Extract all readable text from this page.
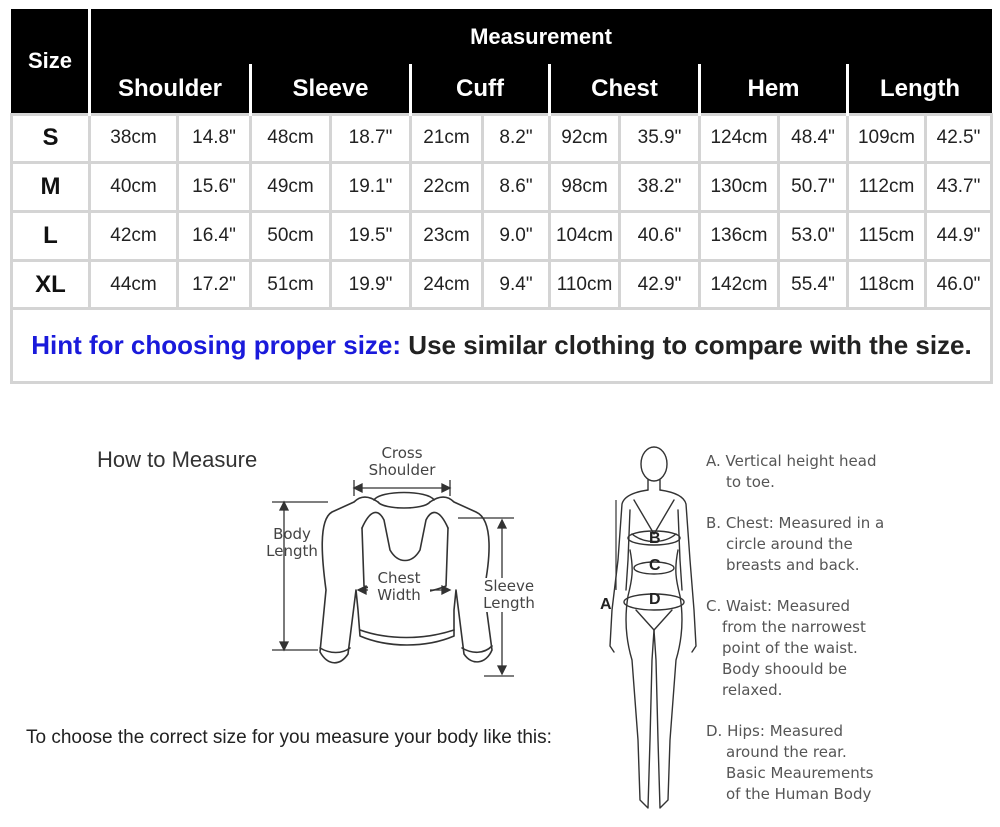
Size	Measurement											
	Shoulder		Sleeve		Cuff		Chest		Hem		Length	
S	38cm	14.8"	48cm	18.7"	21cm	8.2"	92cm	35.9"	124cm	48.4"	109cm	42.5"
M	40cm	15.6"	49cm	19.1"	22cm	8.6"	98cm	38.2"	130cm	50.7"	112cm	43.7"
L	42cm	16.4"	50cm	19.5"	23cm	9.0"	104cm	40.6"	136cm	53.0"	115cm	44.9"
XL	44cm	17.2"	51cm	19.9"	24cm	9.4"	110cm	42.9"	142cm	55.4"	118cm	46.0"
Hint for choosing proper size: Use similar clothing to compare with the size.												
How to Measure
To choose the correct size for you measure your body like this:
Cross
Shoulder
Body
Length
Chest
Width	Sleeve
Length	A
B
C
D

A. Vertical height head

to toe.

B. Chest: Measured in a

circle around the

breasts and back.

C. Waist: Measured

from the narrowest

point of the waist.

Body shoould be

relaxed.

D. Hips: Measured

around the rear.

Basic Meaurements

of the Human Body
